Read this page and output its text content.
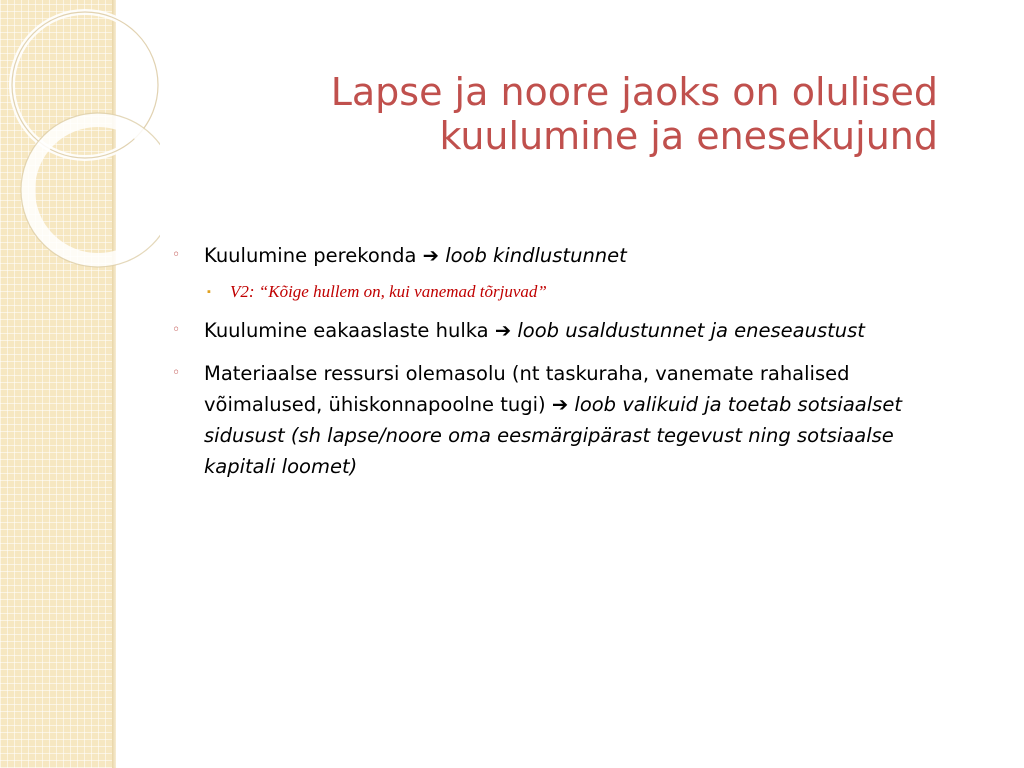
Lapse ja noore jaoks on olulised
kuulumine ja enesekujund
◦ Kuulumine perekonda ➔ loob kindlustunnet
▪ V2: “Kõige hullem on, kui vanemad tõrjuvad”
◦ Kuulumine eakaaslaste hulka ➔ loob usaldustunnet ja eneseaustust
◦ Materiaalse ressursi olemasolu (nt taskuraha, vanemate rahalised võimalused, ühiskonnapoolne tugi) ➔ loob valikuid ja toetab sotsiaalset sidusust (sh lapse/noore oma eesmärgipärast tegevust ning sotsiaalse kapitali loomet)
